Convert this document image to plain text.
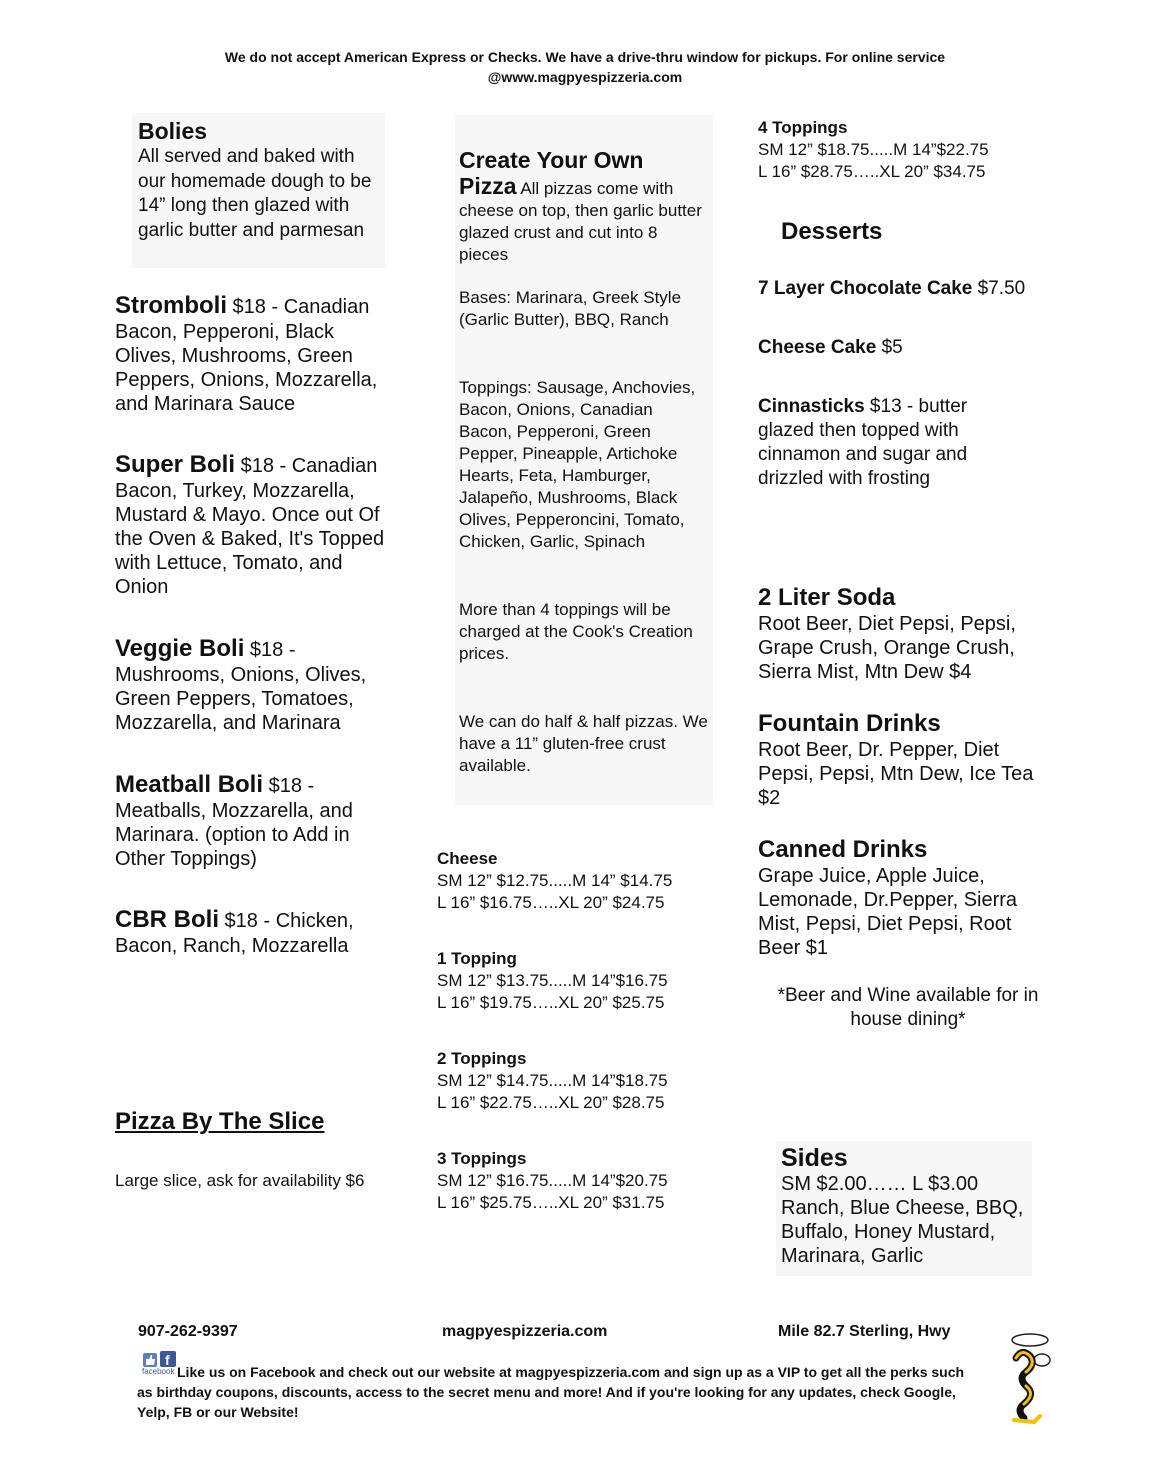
We do not accept American Express or Checks. We have a drive-thru window for pickups. For online service
@www.magpyespizzeria.com
Bolies
All served and baked with our homemade dough to be 14” long then glazed with garlic butter and parmesan
Stromboli $18 - Canadian Bacon, Pepperoni, Black Olives, Mushrooms, Green Peppers, Onions, Mozzarella, and Marinara Sauce
Super Boli $18 - Canadian Bacon, Turkey, Mozzarella, Mustard & Mayo. Once out Of the Oven & Baked, It's Topped with Lettuce, Tomato, and Onion
Veggie Boli $18 - Mushrooms, Onions, Olives, Green Peppers, Tomatoes, Mozzarella, and Marinara
Meatball Boli $18 - Meatballs, Mozzarella, and Marinara. (option to Add in Other Toppings)
CBR Boli $18 - Chicken, Bacon, Ranch, Mozzarella
Pizza By The Slice
Large slice, ask for availability $6
Create Your Own
Pizza All pizzas come with cheese on top, then garlic butter glazed crust and cut into 8 pieces
Bases: Marinara, Greek Style (Garlic Butter), BBQ, Ranch
Toppings: Sausage, Anchovies, Bacon, Onions, Canadian Bacon, Pepperoni, Green Pepper, Pineapple, Artichoke Hearts, Feta, Hamburger, Jalapeño, Mushrooms, Black Olives, Pepperoncini, Tomato, Chicken, Garlic, Spinach
More than 4 toppings will be charged at the Cook's Creation prices.
We can do half & half pizzas. We have a 11” gluten-free crust available.
Cheese
SM 12” $12.75.....M 14” $14.75
L 16” $16.75…..XL 20” $24.75
1 Topping
SM 12” $13.75.....M 14”$16.75
L 16” $19.75…..XL 20” $25.75
2 Toppings
SM 12” $14.75.....M 14”$18.75
L 16” $22.75…..XL 20” $28.75
3 Toppings
SM 12” $16.75.....M 14”$20.75
L 16” $25.75…..XL 20” $31.75
4 Toppings
SM 12” $18.75.....M 14”$22.75
L 16” $28.75…..XL 20” $34.75
Desserts
7 Layer Chocolate Cake $7.50
Cheese Cake $5
Cinnasticks $13 - butter glazed then topped with cinnamon and sugar and drizzled with frosting
2 Liter Soda
Root Beer, Diet Pepsi, Pepsi, Grape Crush, Orange Crush, Sierra Mist, Mtn Dew $4
Fountain Drinks
Root Beer, Dr. Pepper, Diet Pepsi, Pepsi, Mtn Dew, Ice Tea $2
Canned Drinks
Grape Juice, Apple Juice, Lemonade, Dr.Pepper, Sierra Mist, Pepsi, Diet Pepsi, Root Beer $1
*Beer and Wine available for in house dining*
Sides
SM $2.00…… L $3.00
Ranch, Blue Cheese, BBQ, Buffalo, Honey Mustard, Marinara, Garlic
907-262-9397	magpyespizzeria.com	Mile 82.7 Sterling, Hwy
f
facebook Like us on Facebook and check out our website at magpyespizzeria.com and sign up as a VIP to get all the perks such as birthday coupons, discounts, access to the secret menu and more! And if you're looking for any updates, check Google, Yelp, FB or our Website!
